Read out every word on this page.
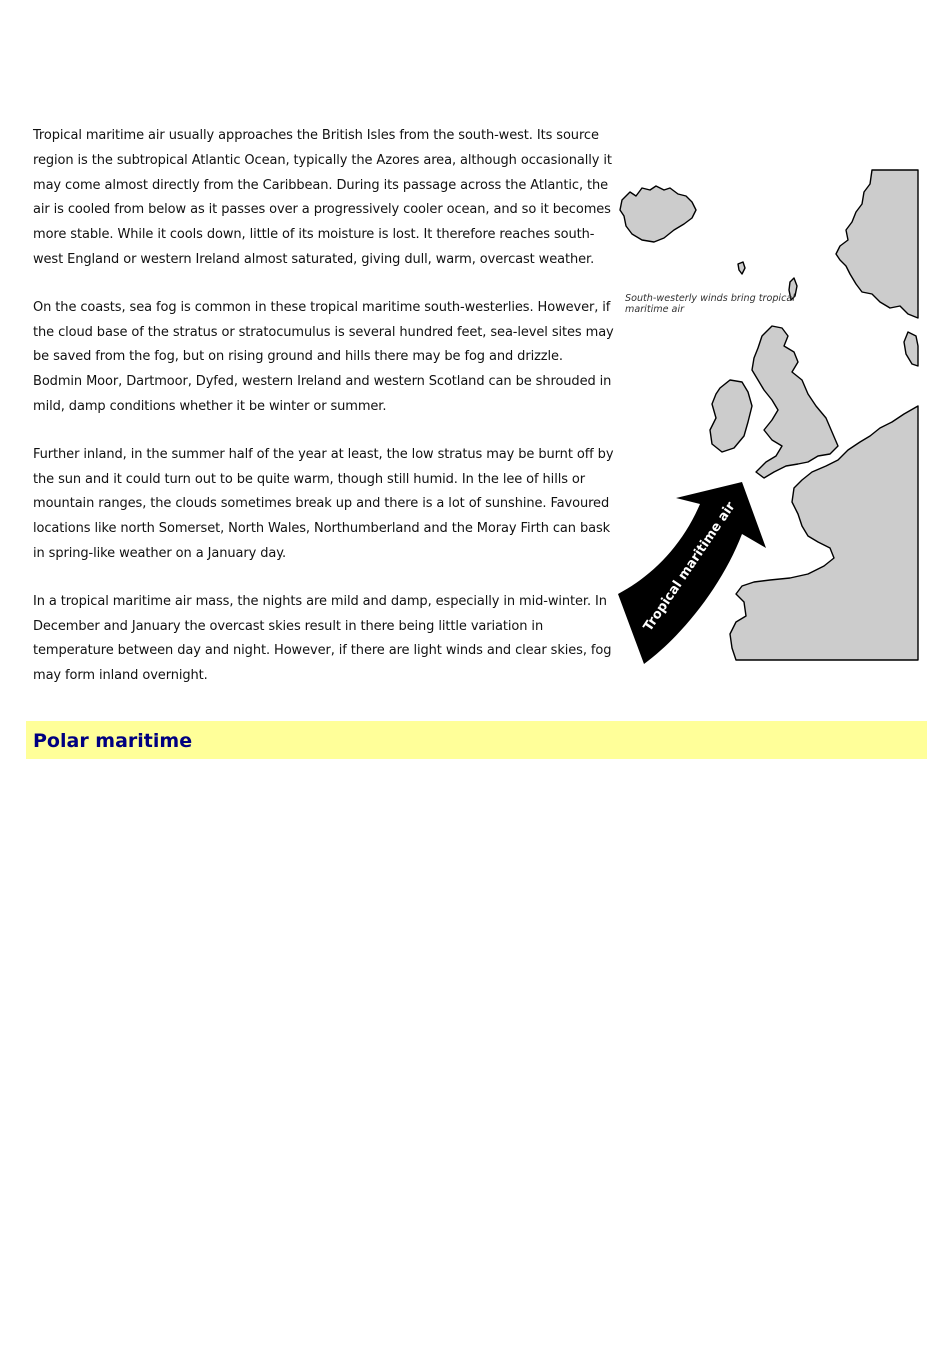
Tropical maritime air usually approaches the British Isles from the south-west. Its source region is the subtropical Atlantic Ocean, typically the Azores area, although occasionally it may come almost directly from the Caribbean. During its passage across the Atlantic, the air is cooled from below as it passes over a progressively cooler ocean, and so it becomes more stable. While it cools down, little of its moisture is lost. It therefore reaches south-west England or western Ireland almost saturated, giving dull, warm, overcast weather.

On the coasts, sea fog is common in these tropical maritime south-westerlies. However, if the cloud base of the stratus or stratocumulus is several hundred feet, sea-level sites may be saved from the fog, but on rising ground and hills there may be fog and drizzle. Bodmin Moor, Dartmoor, Dyfed, western Ireland and western Scotland can be shrouded in mild, damp conditions whether it be winter or summer.

Further inland, in the summer half of the year at least, the low stratus may be burnt off by the sun and it could turn out to be quite warm, though still humid. In the lee of hills or mountain ranges, the clouds sometimes break up and there is a lot of sunshine. Favoured locations like north Somerset, North Wales, Northumberland and the Moray Firth can bask in spring-like weather on a January day.

In a tropical maritime air mass, the nights are mild and damp, especially in mid-winter. In December and January the overcast skies result in there being little variation in temperature between day and night. However, if there are light winds and clear skies, fog may form inland overnight.

Tropical maritime air
South-westerly winds bring tropical maritime air
Polar maritime
